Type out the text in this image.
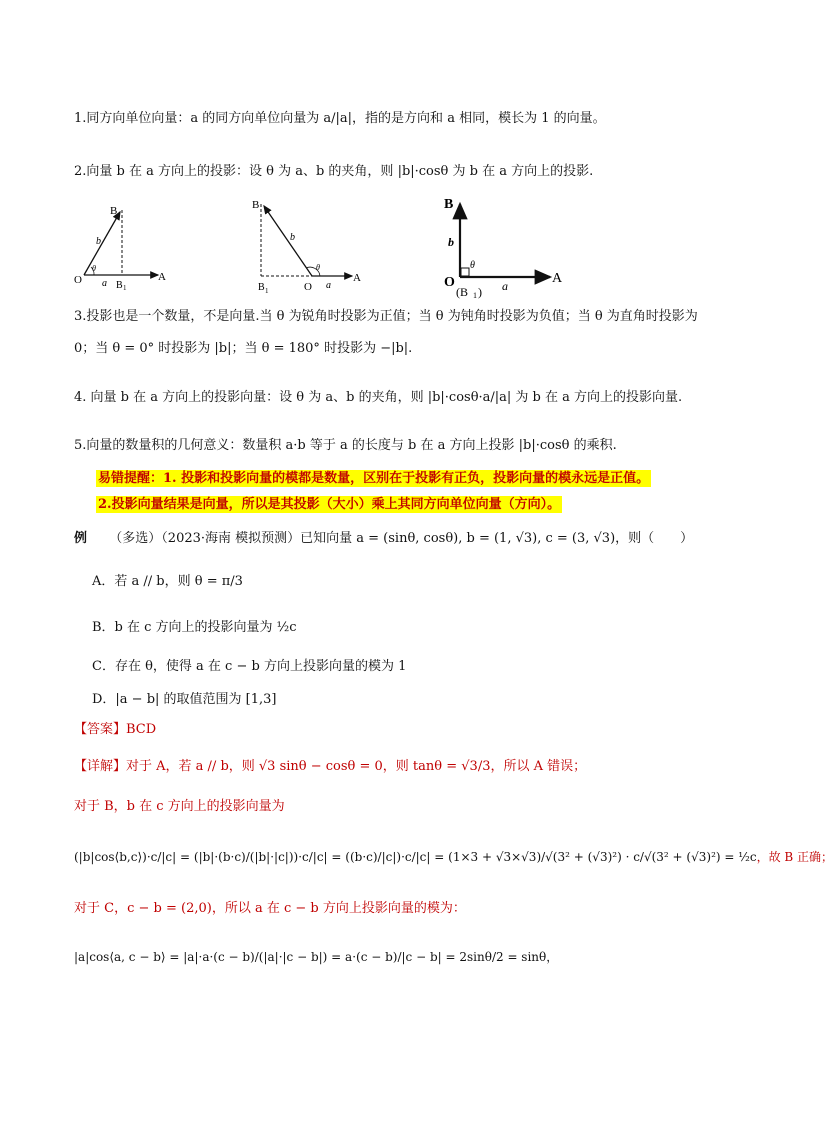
1.同方向单位向量：a 的同方向单位向量为 a/|a|，指的是方向和 a 相同，模长为 1 的向量。
2.向量 b 在 a 方向上的投影：设 θ 为 a、b 的夹角，则 |b|·cosθ 为 b 在 a 方向上的投影.
B
O	A
B 1
b
a
θ
B
O
A
B 1
b
a
θ
B
O	A
(B 1 )
b
a
θ
3.投影也是一个数量，不是向量.当 θ 为锐角时投影为正值；当 θ 为钝角时投影为负值；当 θ 为直角时投影为
0；当 θ = 0° 时投影为 |b|；当 θ = 180° 时投影为 −|b|.
4. 向量 b 在 a 方向上的投影向量：设 θ 为 a、b 的夹角，则 |b|·cosθ·a/|a| 为 b 在 a 方向上的投影向量.
5.向量的数量积的几何意义：数量积 a·b 等于 a 的长度与 b 在 a 方向上投影 |b|·cosθ 的乘积.
易错提醒：1. 投影和投影向量的模都是数量，区别在于投影有正负，投影向量的模永远是正值。
2.投影向量结果是向量，所以是其投影（大小）乘上其同方向单位向量（方向）。
例 （多选）（2023·海南 模拟预测）已知向量 a = (sinθ, cosθ), b = (1, √3), c = (3, √3)，则（　　）
A．若 a // b，则 θ = π/3
B．b 在 c 方向上的投影向量为 ½c
C．存在 θ，使得 a 在 c − b 方向上投影向量的模为 1
D．|a − b| 的取值范围为 [1,3]
【答案】BCD
【详解】对于 A，若 a // b，则 √3 sinθ − cosθ = 0，则 tanθ = √3/3，所以 A 错误；
对于 B，b 在 c 方向上的投影向量为
(|b|cos⟨b,c⟩)·c/|c| = (|b|·(b·c)/(|b|·|c|))·c/|c| = ((b·c)/|c|)·c/|c| = (1×3 + √3×√3)/√(3² + (√3)²) · c/√(3² + (√3)²) = ½c，故 B 正确；
对于 C，c − b = (2,0)，所以 a 在 c − b 方向上投影向量的模为：
|a|cos⟨a, c − b⟩ = |a|·a·(c − b)/(|a|·|c − b|) = a·(c − b)/|c − b| = 2sinθ/2 = sinθ，
